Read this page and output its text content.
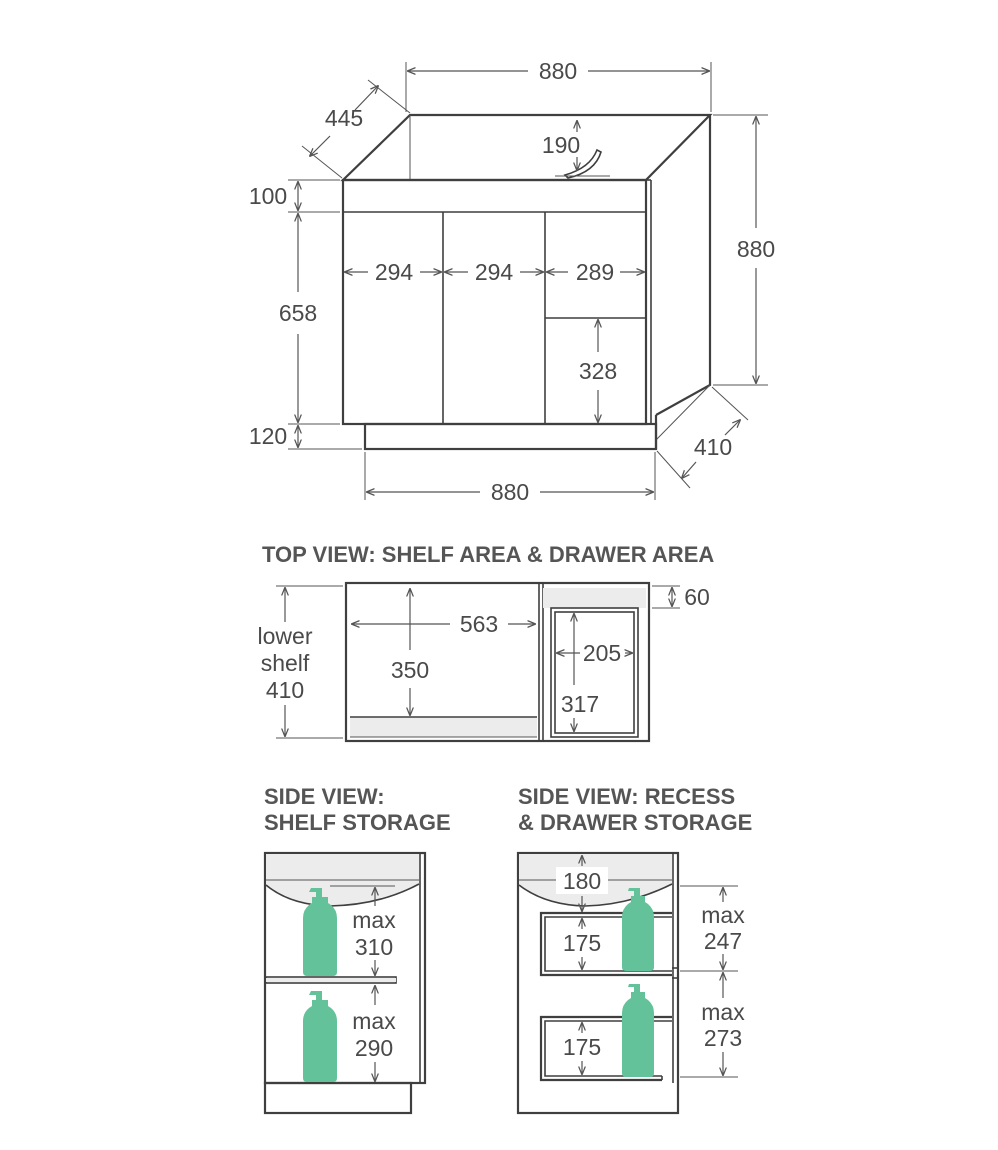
880
445
190
880
100
658
120
294	294	289
328
410
880
TOP VIEW: SHELF AREA & DRAWER AREA
lower
shelf
410
563
350
205
317
60
SIDE VIEW:
SHELF STORAGE
max
310
max
290
SIDE VIEW: RECESS
& DRAWER STORAGE
180
175
175
max
247
max
273
